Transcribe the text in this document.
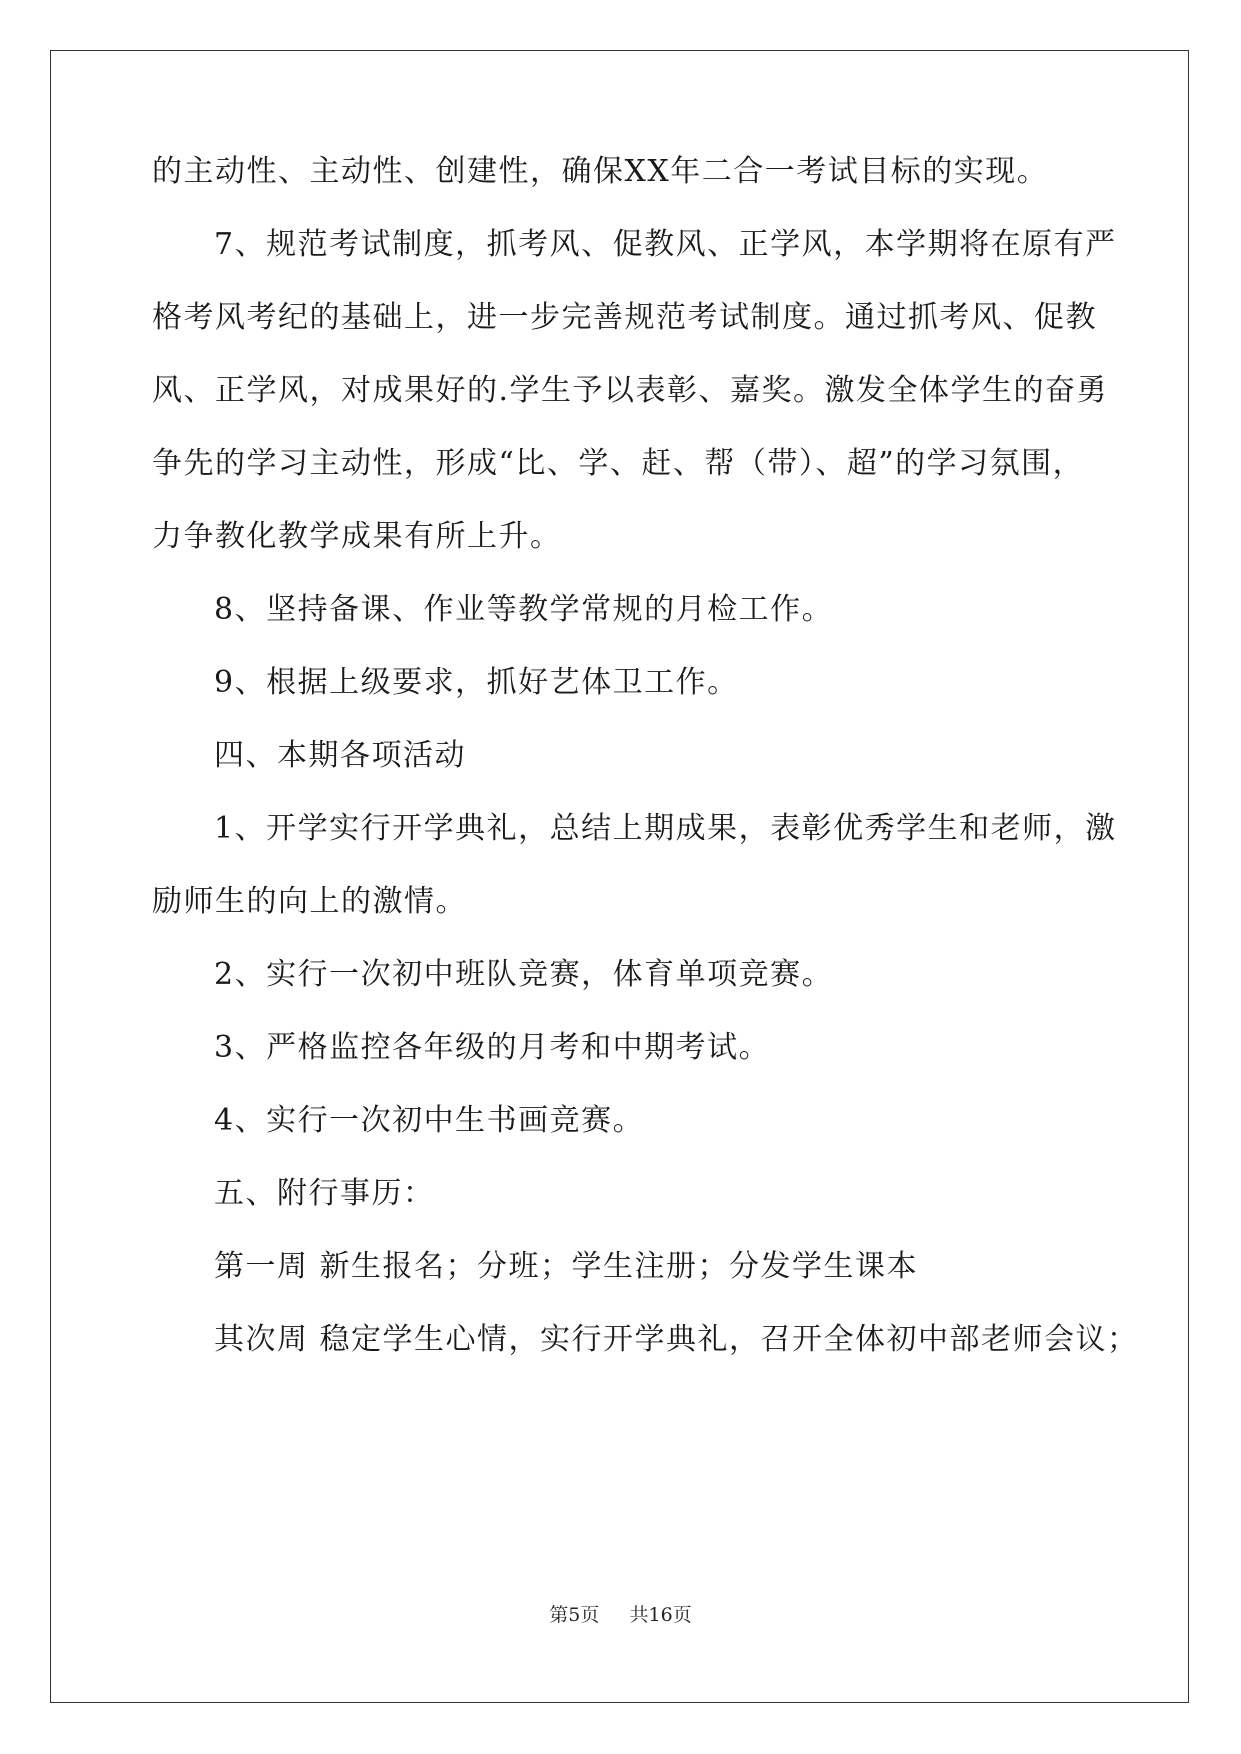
的主动性、主动性、创建性，确保XX年二合一考试目标的实现。
7、规范考试制度，抓考风、促教风、正学风，本学期将在原有严
格考风考纪的基础上，进一步完善规范考试制度。通过抓考风、促教
风、正学风，对成果好的.学生予以表彰、嘉奖。激发全体学生的奋勇
争先的学习主动性，形成“比、学、赶、帮（带）、超”的学习氛围，
力争教化教学成果有所上升。
8、坚持备课、作业等教学常规的月检工作。
9、根据上级要求，抓好艺体卫工作。
四、本期各项活动
1、开学实行开学典礼，总结上期成果，表彰优秀学生和老师，激
励师生的向上的激情。
2、实行一次初中班队竞赛，体育单项竞赛。
3、严格监控各年级的月考和中期考试。
4、实行一次初中生书画竞赛。
五、附行事历：
第一周 新生报名；分班；学生注册；分发学生课本
其次周 稳定学生心情，实行开学典礼，召开全体初中部老师会议；
第5页 共16页
